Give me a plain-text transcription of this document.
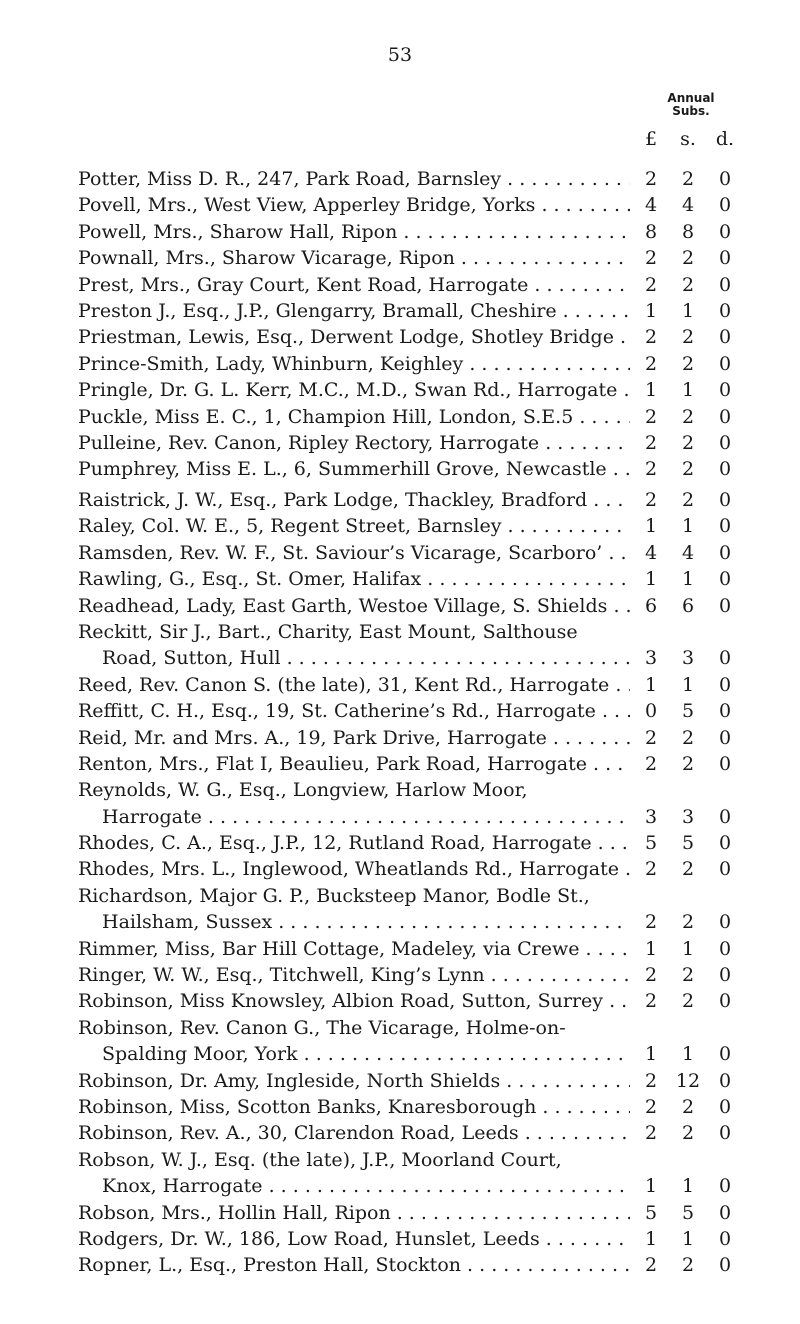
53
Annual
Subs.
£	s.	d.
Potter, Miss D. R., 247, Park Road, Barnsley . . .	2	2	0
Povell, Mrs., West View, Apperley Bridge, Yorks . . .	4	4	0
Powell, Mrs., Sharow Hall, Ripon . . .	8	8	0
Pownall, Mrs., Sharow Vicarage, Ripon . . .	2	2	0
Prest, Mrs., Gray Court, Kent Road, Harrogate . . .	2	2	0
Preston J., Esq., J.P., Glengarry, Bramall, Cheshire . . . . .	1	1	0
Priestman, Lewis, Esq., Derwent Lodge, Shotley Bridge . . .	2	2	0
Prince-Smith, Lady, Whinburn, Keighley . . .	2	2	0
Pringle, Dr. G. L. Kerr, M.C., M.D., Swan Rd., Harrogate . . .	1	1	0
Puckle, Miss E. C., 1, Champion Hill, London, S.E.5 . . . . .	2	2	0
Pulleine, Rev. Canon, Ripley Rectory, Harrogate . . .	2	2	0
Pumphrey, Miss E. L., 6, Summerhill Grove, Newcastle . . .	2	2	0
Raistrick, J. W., Esq., Park Lodge, Thackley, Bradford . . .	2	2	0
Raley, Col. W. E., 5, Regent Street, Barnsley . . .	1	1	0
Ramsden, Rev. W. F., St. Saviour’s Vicarage, Scarboro’ . . .	4	4	0
Rawling, G., Esq., St. Omer, Halifax . . .	1	1	0
Readhead, Lady, East Garth, Westoe Village, S. Shields . . .	6	6	0
Reckitt, Sir J., Bart., Charity, East Mount, Salthouse
Road, Sutton, Hull . . .	3	3	0
Reed, Rev. Canon S. (the late), 31, Kent Rd., Harrogate . . .	1	1	0
Reffitt, C. H., Esq., 19, St. Catherine’s Rd., Harrogate . . .	0	5	0
Reid, Mr. and Mrs. A., 19, Park Drive, Harrogate . . .	2	2	0
Renton, Mrs., Flat I, Beaulieu, Park Road, Harrogate . . .	2	2	0
Reynolds, W. G., Esq., Longview, Harlow Moor,
Harrogate . . .	3	3	0
Rhodes, C. A., Esq., J.P., 12, Rutland Road, Harrogate . . .	5	5	0
Rhodes, Mrs. L., Inglewood, Wheatlands Rd., Harrogate . . .	2	2	0
Richardson, Major G. P., Bucksteep Manor, Bodle St.,
Hailsham, Sussex . . .	2	2	0
Rimmer, Miss, Bar Hill Cottage, Madeley, via Crewe . . . . .	1	1	0
Ringer, W. W., Esq., Titchwell, King’s Lynn . . .	2	2	0
Robinson, Miss Knowsley, Albion Road, Sutton, Surrey . . .	2	2	0
Robinson, Rev. Canon G., The Vicarage, Holme-on-
Spalding Moor, York . . .	1	1	0
Robinson, Dr. Amy, Ingleside, North Shields . . .	2 12 0
Robinson, Miss, Scotton Banks, Knaresborough . . .	2	2	0
Robinson, Rev. A., 30, Clarendon Road, Leeds . . .	2	2	0
Robson, W. J., Esq. (the late), J.P., Moorland Court,
Knox, Harrogate . . .	1	1	0
Robson, Mrs., Hollin Hall, Ripon . . .	5	5	0
Rodgers, Dr. W., 186, Low Road, Hunslet, Leeds . . .	1	1	0
Ropner, L., Esq., Preston Hall, Stockton . . .	2	2	0
